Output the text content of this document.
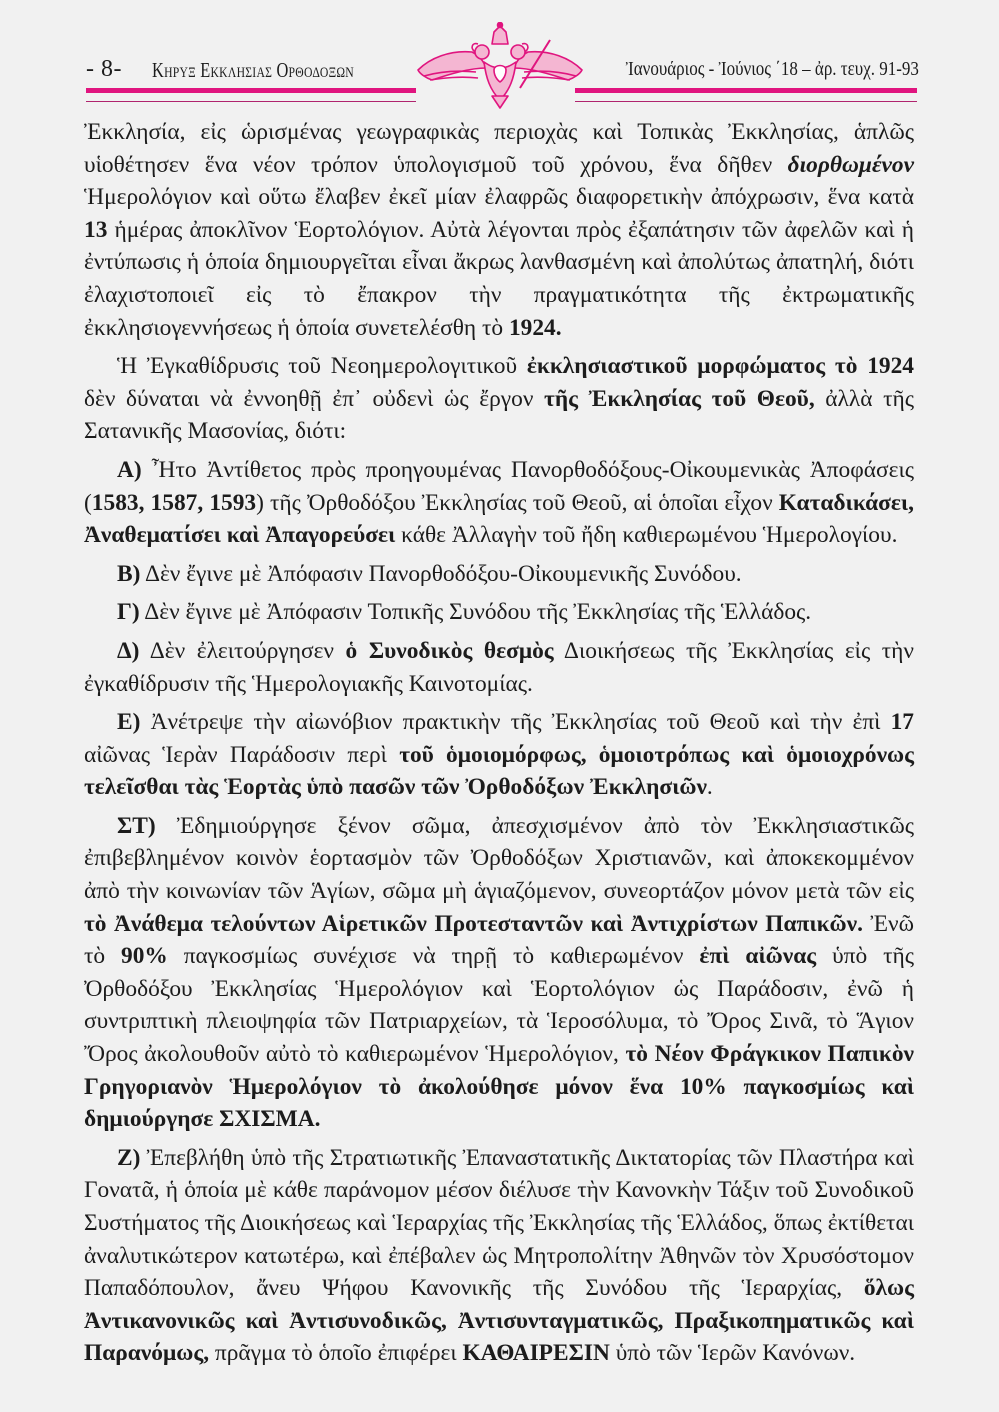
- 8- Κηρυξ Εκκλησιας Ορθοδοξων	Ἰανουάριος - Ἰούνιος ΄18 – ἀρ. τευχ. 91-93

Ἐκκλησία, εἰς ὡρισμένας γεωγραφικὰς περιοχὰς καὶ Τοπικὰς Ἐκκλησίας, ἁπλῶς υἱοθέτησεν ἕνα νέον τρόπον ὑπολογισμοῦ τοῦ χρόνου, ἕνα δῆθεν διορθωμένον Ἡμερολόγιον καὶ οὕτω ἔλαβεν ἐκεῖ μίαν ἐλαφρῶς διαφορετικὴν ἀπόχρωσιν, ἕνα κατὰ 13 ἡμέρας ἀποκλῖνον Ἑορτολόγιον. Αὐτὰ λέγονται πρὸς ἐξαπάτησιν τῶν ἀφελῶν καὶ ἡ ἐντύπωσις ἡ ὁποία δημιουργεῖται εἶναι ἄκρως λανθασμένη καὶ ἀπολύτως ἀπατηλή, διότι ἐλαχιστοποιεῖ εἰς τὸ ἔπακρον τὴν πραγματικότητα τῆς ἐκτρωματικῆς ἐκκλησιογεννήσεως ἡ ὁποία συνετελέσθη τὸ 1924.

Ἡ Ἐγκαθίδρυσις τοῦ Νεοημερολογιτικοῦ ἐκκλησιαστικοῦ μορφώματος τὸ 1924 δὲν δύναται νὰ ἐννοηθῇ ἐπ᾽ οὐδενὶ ὡς ἔργον τῆς Ἐκκλησίας τοῦ Θεοῦ, ἀλλὰ τῆς Σατανικῆς Μασονίας, διότι:

Α) Ἦτο Ἀντίθετος πρὸς προηγουμένας Πανορθοδόξους-Οἰκουμενικὰς Ἀποφάσεις (1583, 1587, 1593) τῆς Ὀρθοδόξου Ἐκκλησίας τοῦ Θεοῦ, αἱ ὁποῖαι εἶχον Καταδικάσει, Ἀναθεματίσει καὶ Ἀπαγορεύσει κάθε Ἀλλαγὴν τοῦ ἤδη καθιερωμένου Ἡμερολογίου.

Β) Δὲν ἔγινε μὲ Ἀπόφασιν Πανορθοδόξου-Οἰκουμενικῆς Συνόδου.

Γ) Δὲν ἔγινε μὲ Ἀπόφασιν Τοπικῆς Συνόδου τῆς Ἐκκλησίας τῆς Ἑλλάδος.

Δ) Δὲν ἐλειτούργησεν ὁ Συνοδικὸς θεσμὸς Διοικήσεως τῆς Ἐκκλησίας εἰς τὴν ἐγκαθίδρυσιν τῆς Ἡμερολογιακῆς Καινοτομίας.

Ε) Ἀνέτρεψε τὴν αἰωνόβιον πρακτικὴν τῆς Ἐκκλησίας τοῦ Θεοῦ καὶ τὴν ἐπὶ 17 αἰῶνας Ἱερὰν Παράδοσιν περὶ τοῦ ὁμοιομόρφως, ὁμοιοτρόπως καὶ ὁμοιοχρόνως τελεῖσθαι τὰς Ἑορτὰς ὑπὸ πασῶν τῶν Ὀρθοδόξων Ἐκκλησιῶν.

ΣΤ) Ἐδημιούργησε ξένον σῶμα, ἀπεσχισμένον ἀπὸ τὸν Ἐκκλησιαστικῶς ἐπιβεβλημένον κοινὸν ἑορτασμὸν τῶν Ὀρθοδόξων Χριστιανῶν, καὶ ἀποκεκομμένον ἀπὸ τὴν κοινωνίαν τῶν Ἁγίων, σῶμα μὴ ἁγιαζόμενον, συνεορτάζον μόνον μετὰ τῶν εἰς τὸ Ἀνάθεμα τελούντων Αἱρετικῶν Προτεσταντῶν καὶ Ἀντιχρίστων Παπικῶν. Ἐνῶ τὸ 90% παγκοσμίως συνέχισε νὰ τηρῇ τὸ καθιερωμένον ἐπὶ αἰῶνας ὑπὸ τῆς Ὀρθοδόξου Ἐκκλησίας Ἡμερολόγιον καὶ Ἑορτολόγιον ὡς Παράδοσιν, ἐνῶ ἡ συντριπτικὴ πλειοψηφία τῶν Πατριαρχείων, τὰ Ἱεροσόλυμα, τὸ Ὄρος Σινᾶ, τὸ Ἅγιον Ὄρος ἀκολουθοῦν αὐτὸ τὸ καθιερωμένον Ἡμερολόγιον, τὸ Νέον Φράγκικον Παπικὸν Γρηγοριανὸν Ἡμερολόγιον τὸ ἀκολούθησε μόνον ἕνα 10% παγκοσμίως καὶ δημιούργησε ΣΧΙΣΜΑ.

Ζ) Ἐπεβλήθη ὑπὸ τῆς Στρατιωτικῆς Ἐπαναστατικῆς Δικτατορίας τῶν Πλαστήρα καὶ Γονατᾶ, ἡ ὁποία μὲ κάθε παράνομον μέσον διέλυσε τὴν Κανονκὴν Τάξιν τοῦ Συνοδικοῦ Συστήματος τῆς Διοικήσεως καὶ Ἱεραρχίας τῆς Ἐκκλησίας τῆς Ἑλλάδος, ὅπως ἐκτίθεται ἀναλυτικώτερον κατωτέρω, καὶ ἐπέβαλεν ὡς Μητροπολίτην Ἀθηνῶν τὸν Χρυσόστομον Παπαδόπουλον, ἄνευ Ψήφου Κανονικῆς τῆς Συνόδου τῆς Ἱεραρχίας, ὅλως Ἀντικανονικῶς καὶ Ἀντισυνοδικῶς, Ἀντισυνταγματικῶς, Πραξικοπηματικῶς καὶ Παρανόμως, πρᾶγμα τὸ ὁποῖο ἐπιφέρει ΚΑΘΑΙΡΕΣΙΝ ὑπὸ τῶν Ἱερῶν Κανόνων.
